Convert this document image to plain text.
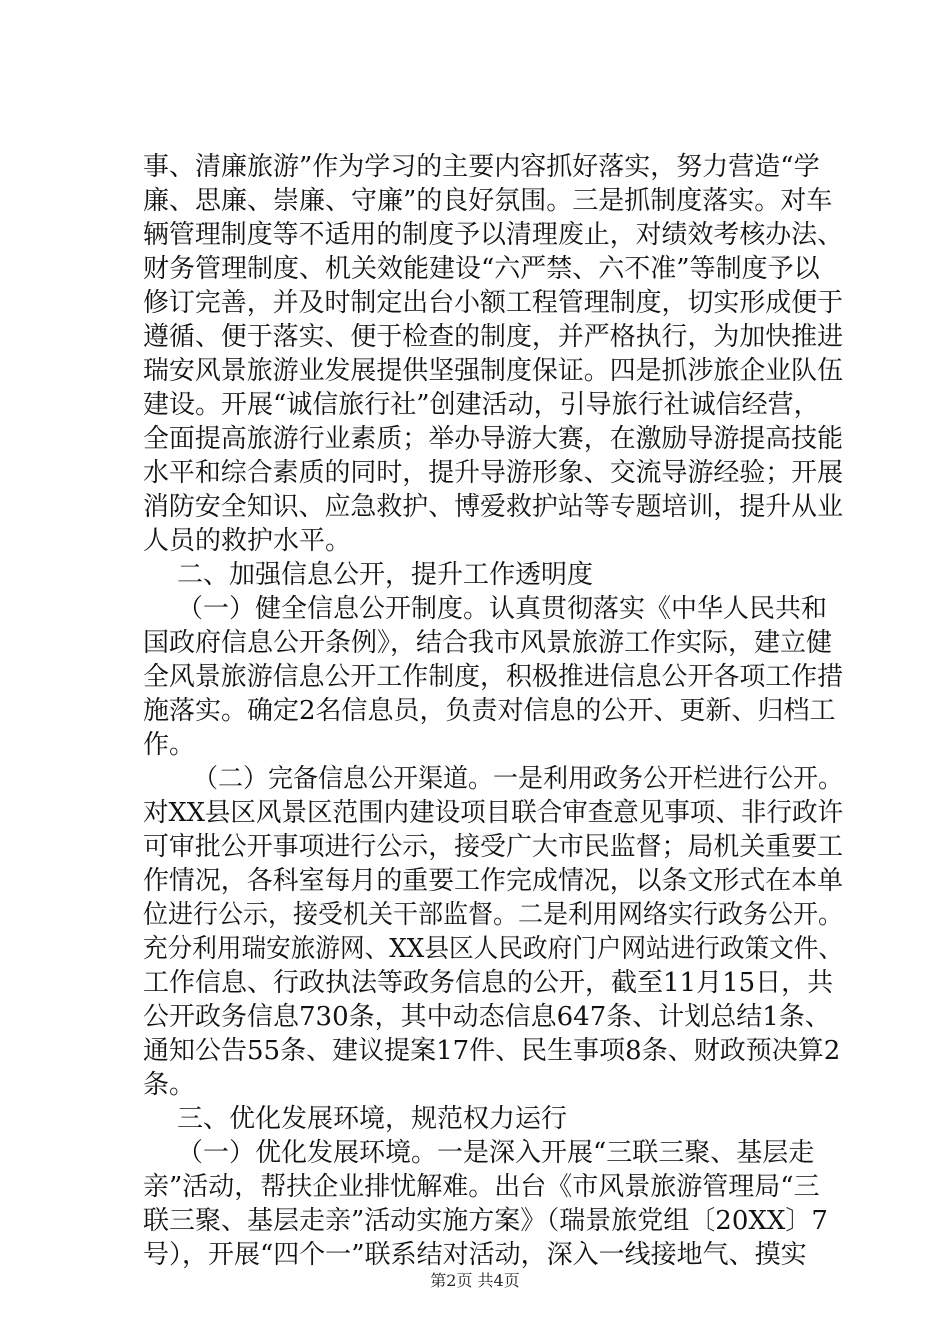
事、清廉旅游”作为学习的主要内容抓好落实，努力营造“学
廉、思廉、崇廉、守廉”的良好氛围。三是抓制度落实。对车
辆管理制度等不适用的制度予以清理废止，对绩效考核办法、
财务管理制度、机关效能建设“六严禁、六不准”等制度予以
修订完善，并及时制定出台小额工程管理制度，切实形成便于
遵循、便于落实、便于检查的制度，并严格执行，为加快推进
瑞安风景旅游业发展提供坚强制度保证。四是抓涉旅企业队伍
建设。开展“诚信旅行社”创建活动，引导旅行社诚信经营，
全面提高旅游行业素质；举办导游大赛，在激励导游提高技能
水平和综合素质的同时，提升导游形象、交流导游经验；开展
消防安全知识、应急救护、博爱救护站等专题培训，提升从业
人员的救护水平。
二、加强信息公开，提升工作透明度
（一）健全信息公开制度。认真贯彻落实《中华人民共和
国政府信息公开条例》，结合我市风景旅游工作实际，建立健
全风景旅游信息公开工作制度，积极推进信息公开各项工作措
施落实。确定2名信息员，负责对信息的公开、更新、归档工
作。
（二）完备信息公开渠道。一是利用政务公开栏进行公开。
对XX县区风景区范围内建设项目联合审查意见事项、非行政许
可审批公开事项进行公示，接受广大市民监督；局机关重要工
作情况，各科室每月的重要工作完成情况，以条文形式在本单
位进行公示，接受机关干部监督。二是利用网络实行政务公开。
充分利用瑞安旅游网、XX县区人民政府门户网站进行政策文件、
工作信息、行政执法等政务信息的公开，截至11月15日，共
公开政务信息730条，其中动态信息647条、计划总结1条、
通知公告55条、建议提案17件、民生事项8条、财政预决算2
条。
三、优化发展环境，规范权力运行
（一）优化发展环境。一是深入开展“三联三聚、基层走
亲”活动，帮扶企业排忧解难。出台《市风景旅游管理局“三
联三聚、基层走亲”活动实施方案》（瑞景旅党组〔20XX〕7
号），开展“四个一”联系结对活动，深入一线接地气、摸实
第2页 共4页
